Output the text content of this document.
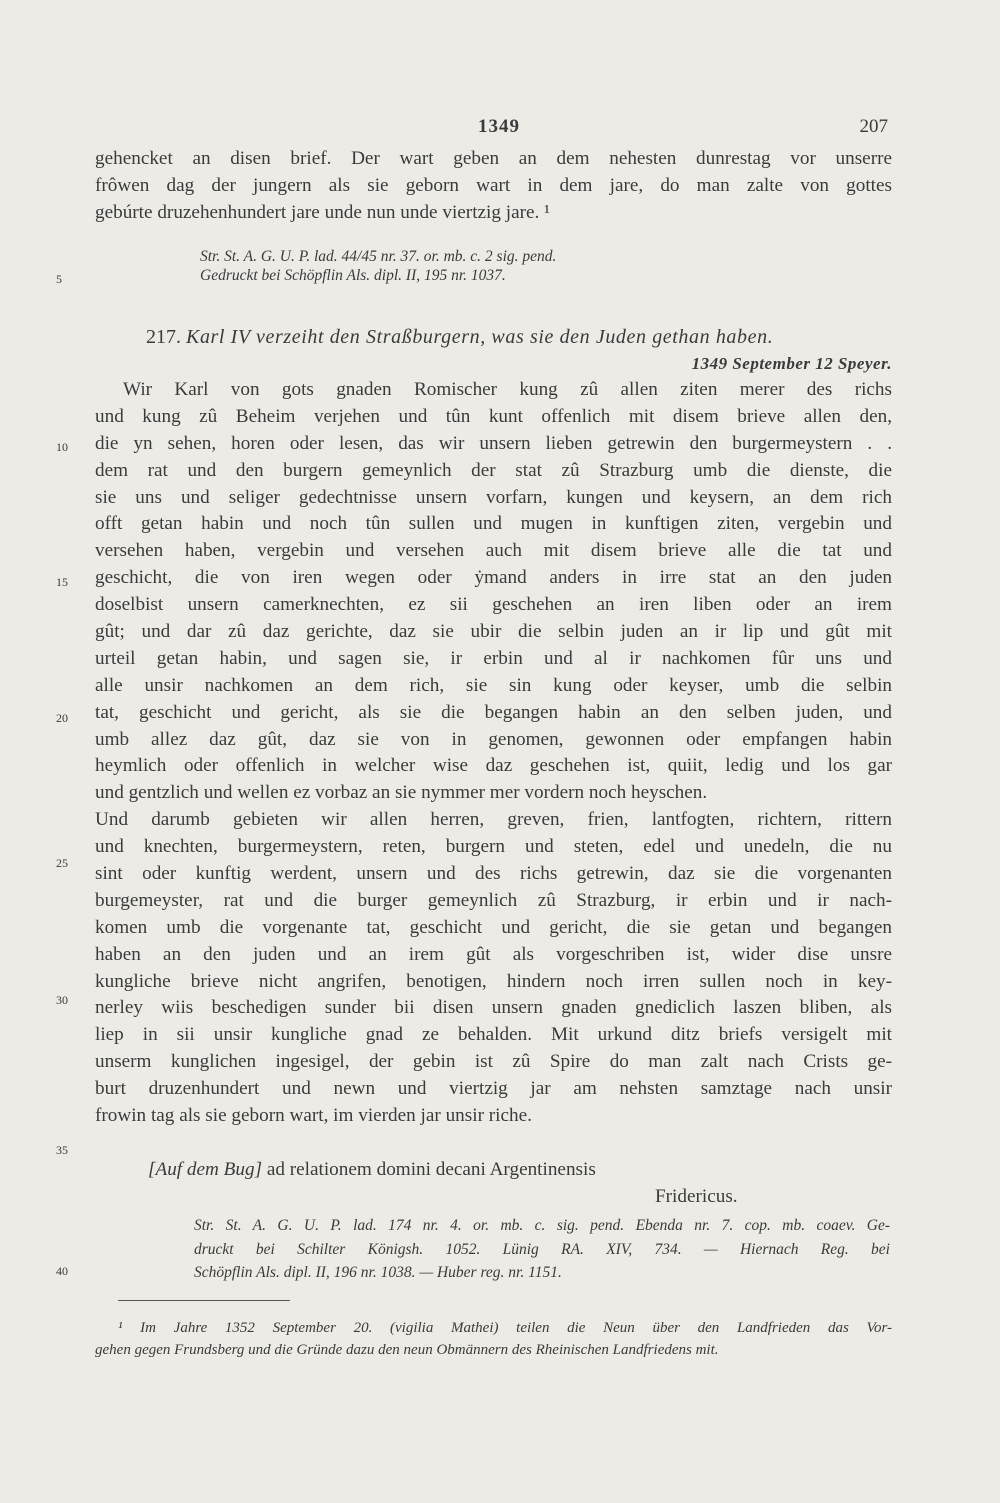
1349	207
gehencket an disen brief. Der wart geben an dem nehesten dunrestag vor unserre
frôwen dag der jungern als sie geborn wart in dem jare, do man zalte von gottes
gebúrte druzehenhundert jare unde nun unde viertzig jare. ¹
Str. St. A. G. U. P. lad. 44/45 nr. 37. or. mb. c. 2 sig. pend.
Gedruckt bei Schöpflin Als. dipl. II, 195 nr. 1037.
217. Karl IV verzeiht den Straßburgern, was sie den Juden gethan haben.
1349 September 12 Speyer.
Wir Karl von gots gnaden Romischer kung zû allen ziten merer des richs
und kung zû Beheim verjehen und tûn kunt offenlich mit disem brieve allen den,
die yn sehen, horen oder lesen, das wir unsern lieben getrewin den burgermeystern . .
dem rat und den burgern gemeynlich der stat zû Strazburg umb die dienste, die
sie uns und seliger gedechtnisse unsern vorfarn, kungen und keysern, an dem rich
offt getan habin und noch tûn sullen und mugen in kunftigen ziten, vergebin und
versehen haben, vergebin und versehen auch mit disem brieve alle die tat und
geschicht, die von iren wegen oder ẏmand anders in irre stat an den juden
doselbist unsern camerknechten, ez sii geschehen an iren liben oder an irem
gût; und dar zû daz gerichte, daz sie ubir die selbin juden an ir lip und gût mit
urteil getan habin, und sagen sie, ir erbin und al ir nachkomen fûr uns und
alle unsir nachkomen an dem rich, sie sin kung oder keyser, umb die selbin
tat, geschicht und gericht, als sie die begangen habin an den selben juden, und
umb allez daz gût, daz sie von in genomen, gewonnen oder empfangen habin
heymlich oder offenlich in welcher wise daz geschehen ist, quiit, ledig und los gar
und gentzlich und wellen ez vorbaz an sie nymmer mer vordern noch heyschen.
Und darumb gebieten wir allen herren, greven, frien, lantfogten, richtern, rittern
und knechten, burgermeystern, reten, burgern und steten, edel und unedeln, die nu
sint oder kunftig werdent, unsern und des richs getrewin, daz sie die vorgenanten
burgemeyster, rat und die burger gemeynlich zû Strazburg, ir erbin und ir nach-
komen umb die vorgenante tat, geschicht und gericht, die sie getan und begangen
haben an den juden und an irem gût als vorgeschriben ist, wider dise unsre
kungliche brieve nicht angrifen, benotigen, hindern noch irren sullen noch in key-
nerley wiis beschedigen sunder bii disen unsern gnaden gnediclich laszen bliben, als
liep in sii unsir kungliche gnad ze behalden. Mit urkund ditz briefs versigelt mit
unserm kunglichen ingesigel, der gebin ist zû Spire do man zalt nach Crists ge-
burt druzenhundert und newn und viertzig jar am nehsten samztage nach unsir
frowin tag als sie geborn wart, im vierden jar unsir riche.
[Auf dem Bug] ad relationem domini decani Argentinensis
Fridericus.
Str. St. A. G. U. P. lad. 174 nr. 4. or. mb. c. sig. pend. Ebenda nr. 7. cop. mb. coaev. Ge-
druckt bei Schilter Königsh. 1052. Lünig RA. XIV, 734. — Hiernach Reg. bei
Schöpflin Als. dipl. II, 196 nr. 1038. — Huber reg. nr. 1151.
¹ Im Jahre 1352 September 20. (vigilia Mathei) teilen die Neun über den Landfrieden das Vor-
gehen gegen Frundsberg und die Gründe dazu den neun Obmännern des Rheinischen Landfriedens mit.
5
10
15
20
25
30
35
40
